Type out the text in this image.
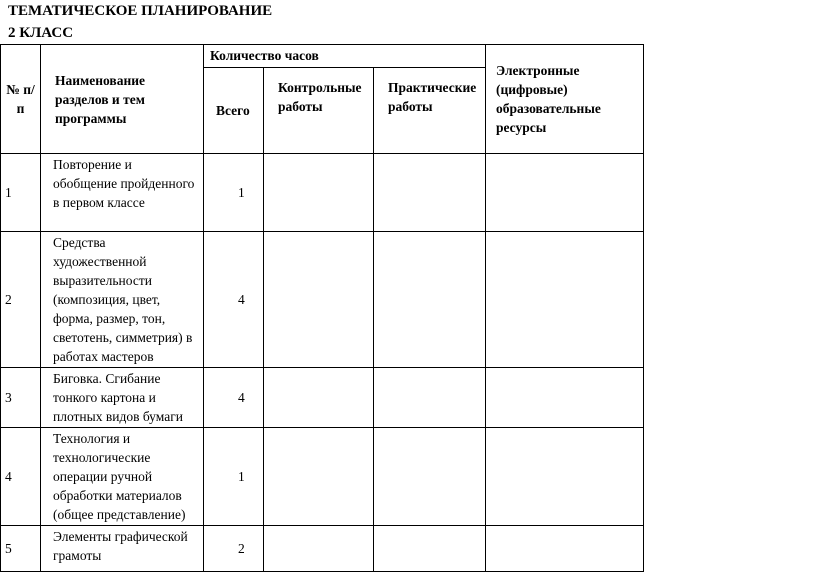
ТЕМАТИЧЕСКОЕ ПЛАНИРОВАНИЕ
2 КЛАСС
№ п/п	Наименование разделов и тем программы	Количество часов			Электронные (цифровые) образовательные ресурсы
		Всего	Контрольные работы	Практические работы	
1	Повторение и обобщение пройденного в первом классе	1			
2	Средства художественной выразительности (композиция, цвет, форма, размер, тон, светотень, симметрия) в работах мастеров	4			
3	Биговка. Сгибание тонкого картона и плотных видов бумаги	4			
4	Технология и технологические операции ручной обработки материалов (общее представление)	1			
5	Элементы графической грамоты	2			
